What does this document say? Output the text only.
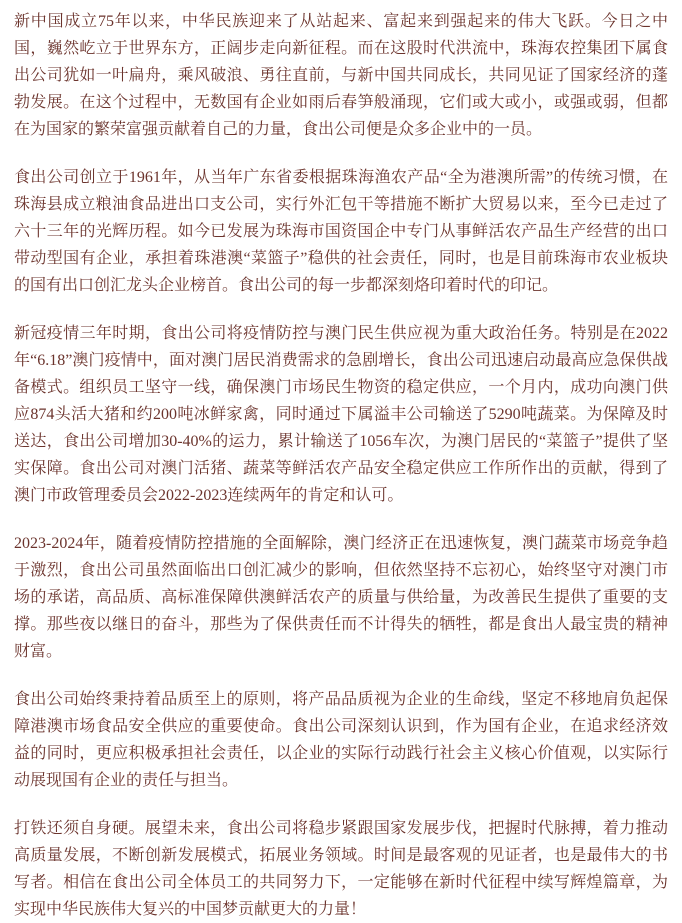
新中国成立75年以来，中华民族迎来了从站起来、富起来到强起来的伟大飞跃。今日之中国，巍然屹立于世界东方，正阔步走向新征程。而在这股时代洪流中，珠海农控集团下属食出公司犹如一叶扁舟，乘风破浪、勇往直前，与新中国共同成长，共同见证了国家经济的蓬勃发展。在这个过程中，无数国有企业如雨后春笋般涌现，它们或大或小，或强或弱，但都在为国家的繁荣富强贡献着自己的力量，食出公司便是众多企业中的一员。

食出公司创立于1961年，从当年广东省委根据珠海渔农产品“全为港澳所需”的传统习惯，在珠海县成立粮油食品进出口支公司，实行外汇包干等措施不断扩大贸易以来，至今已走过了六十三年的光辉历程。如今已发展为珠海市国资国企中专门从事鲜活农产品生产经营的出口带动型国有企业，承担着珠港澳“菜篮子”稳供的社会责任，同时，也是目前珠海市农业板块的国有出口创汇龙头企业榜首。食出公司的每一步都深刻烙印着时代的印记。

新冠疫情三年时期，食出公司将疫情防控与澳门民生供应视为重大政治任务。特别是在2022年“6.18”澳门疫情中，面对澳门居民消费需求的急剧增长，食出公司迅速启动最高应急保供战备模式。组织员工坚守一线，确保澳门市场民生物资的稳定供应，一个月内，成功向澳门供应874头活大猪和约200吨冰鲜家禽，同时通过下属溢丰公司输送了5290吨蔬菜。为保障及时送达，食出公司增加30-40%的运力，累计输送了1056车次，为澳门居民的“菜篮子”提供了坚实保障。食出公司对澳门活猪、蔬菜等鲜活农产品安全稳定供应工作所作出的贡献，得到了澳门市政管理委员会2022-2023连续两年的肯定和认可。

2023-2024年，随着疫情防控措施的全面解除，澳门经济正在迅速恢复，澳门蔬菜市场竞争趋于激烈，食出公司虽然面临出口创汇减少的影响，但依然坚持不忘初心，始终坚守对澳门市场的承诺，高品质、高标准保障供澳鲜活农产的质量与供给量，为改善民生提供了重要的支撑。那些夜以继日的奋斗，那些为了保供责任而不计得失的牺牲，都是食出人最宝贵的精神财富。

食出公司始终秉持着品质至上的原则，将产品品质视为企业的生命线，坚定不移地肩负起保障港澳市场食品安全供应的重要使命。食出公司深刻认识到，作为国有企业，在追求经济效益的同时，更应积极承担社会责任，以企业的实际行动践行社会主义核心价值观，以实际行动展现国有企业的责任与担当。

打铁还须自身硬。展望未来，食出公司将稳步紧跟国家发展步伐，把握时代脉搏，着力推动高质量发展，不断创新发展模式，拓展业务领域。时间是最客观的见证者，也是最伟大的书写者。相信在食出公司全体员工的共同努力下，一定能够在新时代征程中续写辉煌篇章，为实现中华民族伟大复兴的中国梦贡献更大的力量！
